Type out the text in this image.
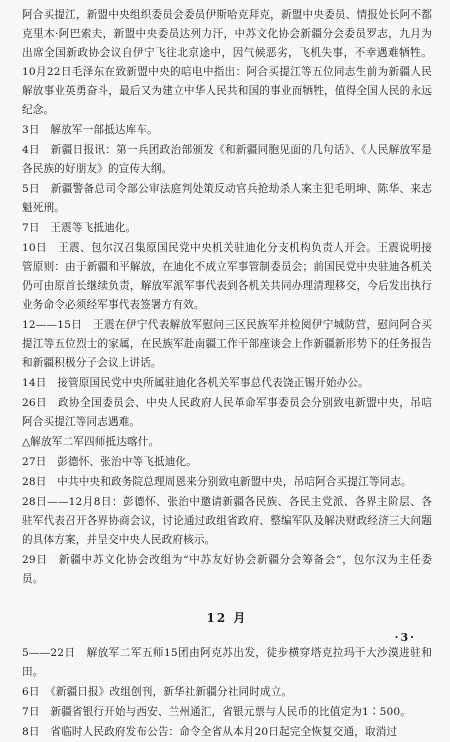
阿合买提江，新盟中央组织委员会委员伊斯哈克拜克，新盟中央委员、情报处长阿不都克里木·阿巴索夫，新盟中央委员达列力汗，中苏文化协会新疆分会委员罗志，九月为出席全国新政协会议自伊宁飞往北京途中，因气候恶劣，飞机失事，不幸遇难牺牲。10月22日毛泽东在致新盟中央的唁电中指出：阿合买提江等五位同志生前为新疆人民解放事业英勇奋斗，最后又为建立中华人民共和国的事业而牺牲，值得全国人民的永远纪念。

3日　解放军一部抵达库车。

4日　新疆日报讯：第一兵团政治部颁发《和新疆同胞见面的几句话》、《人民解放军是各民族的好朋友》的宣传大纲。

5日　新疆警备总司令部公审法庭判处策反动官兵抢劫杀人案主犯毛明坤、陈华、来志魁死刑。

7日　王震等飞抵迪化。

10日　王震、包尔汉召集原国民党中央机关驻迪化分支机构负责人开会。王震说明接管原则：由于新疆和平解放，在迪化不成立军事管制委员会；前国民党中央驻迪各机关仍可由原首长继续负责，解放军派军事代表到各机关共同办理清理移交，今后发出执行业务命令必须经军事代表签署方有效。

12——15日　王震在伊宁代表解放军慰问三区民族军并检阅伊宁城防营，慰问阿合买提江等五位烈士的家属，在民族军赴南疆工作干部座谈会上作新疆新形势下的任务报告和新疆积极分子会议上讲话。

14日　接管原国民党中央所属驻迪化各机关军事总代表饶正锡开始办公。

26日　政协全国委员会、中央人民政府人民革命军事委员会分别致电新盟中央，吊唁阿合买提江等同志遇难。

△解放军二军四师抵达喀什。

27日　彭德怀、张治中等飞抵迪化。

28日　中共中央和政务院总理周恩来分别致电新盟中央，吊唁阿合买提江等同志。

28日——12月8日：彭德怀、张治中邀请新疆各民族、各民主党派、各界主阶层、各驻军代表召开各界协商会议，讨论通过政组省政府、整编军队及解决财政经济三大问题的具体方案，并呈交中央人民政府核示。

29日　新疆中苏文化协会改组为“中苏友好协会新疆分会筹备会”，包尔汉为主任委员。

12 月

5——22日　解放军二军五师15团由阿克苏出发，徒步横穿塔克拉玛干大沙漠进驻和田。

6日　《新疆日报》改组创刊，新华社新疆分社同时成立。

7日　新疆省银行开始与西安、兰州通汇，省银元票与人民币的比值定为1∶500。

8日　省临时人民政府发布公告：命令全省从本月20日起完全恢复交通，取消过

·3·
